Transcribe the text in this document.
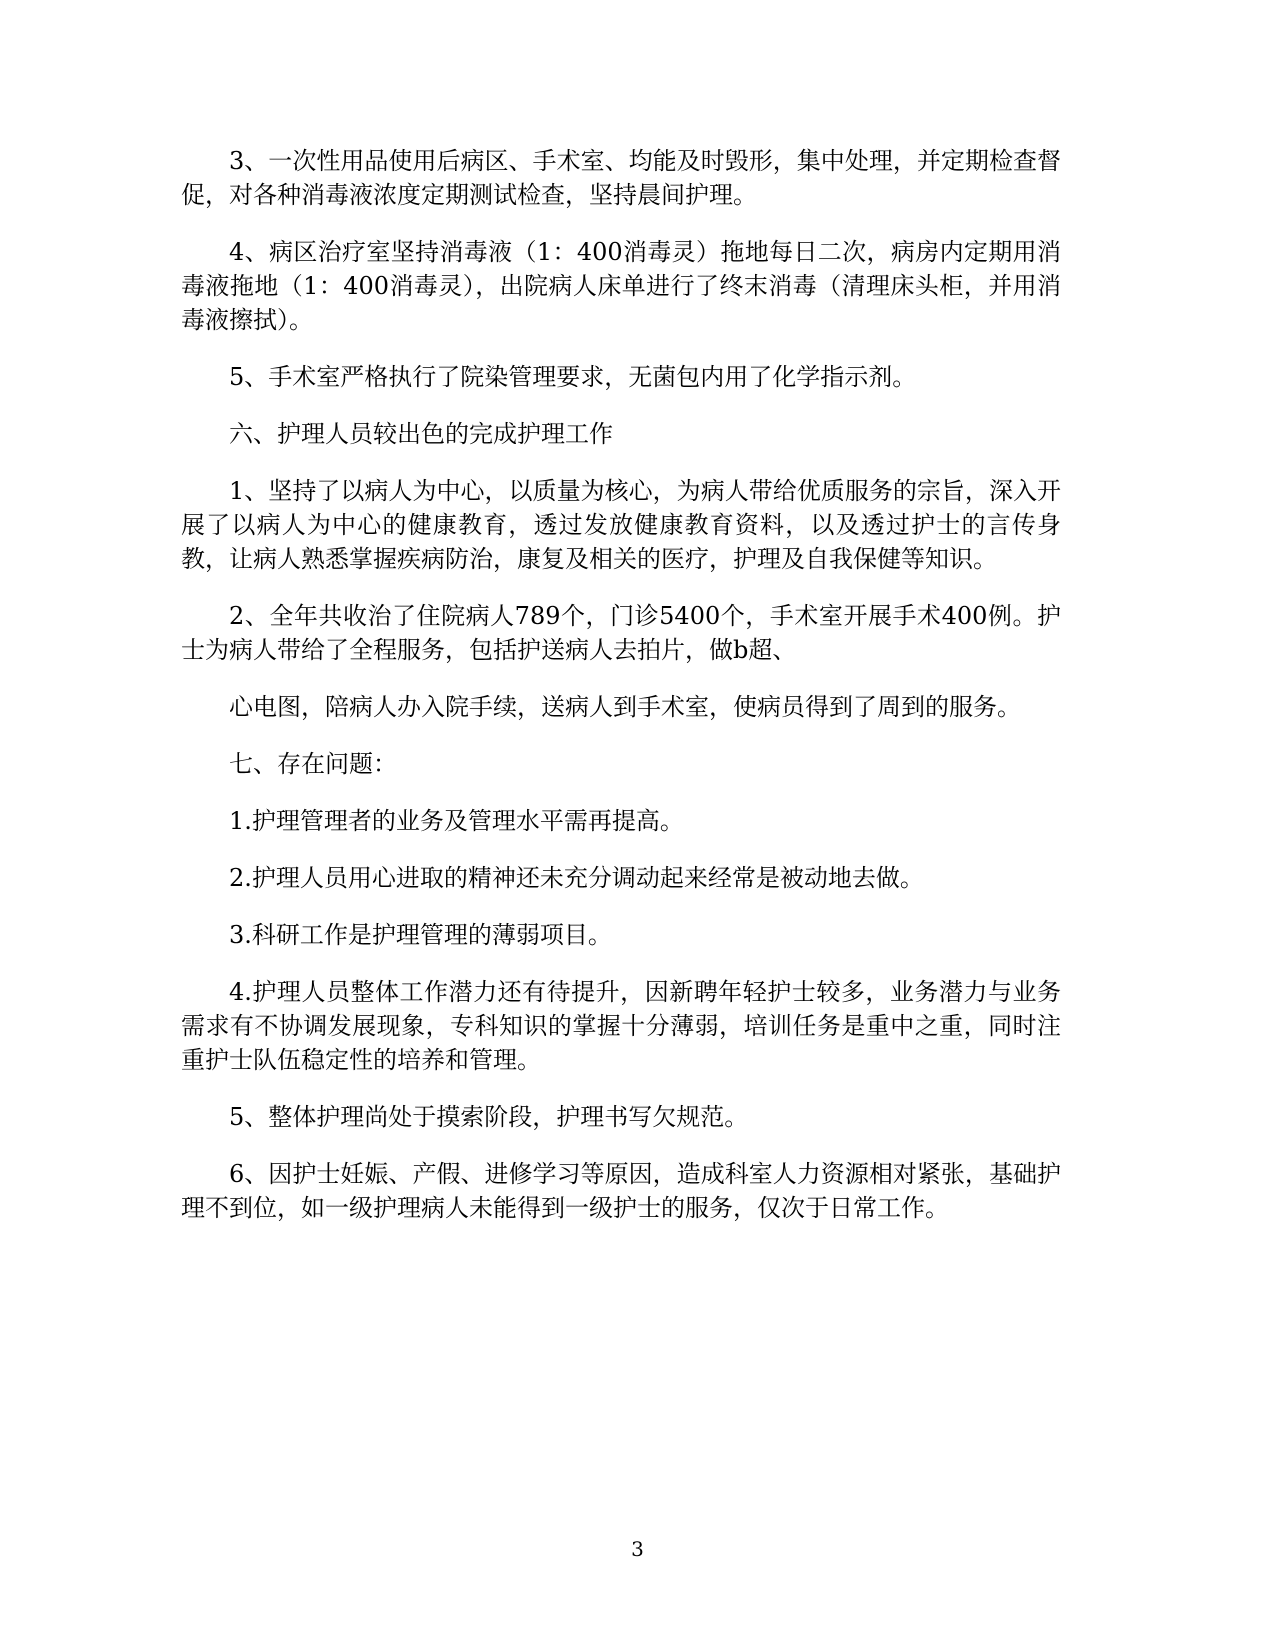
3、一次性用品使用后病区、手术室、均能及时毁形，集中处理，并定期检查督促，对各种消毒液浓度定期测试检查，坚持晨间护理。

4、病区治疗室坚持消毒液（1：400消毒灵）拖地每日二次，病房内定期用消毒液拖地（1：400消毒灵），出院病人床单进行了终末消毒（清理床头柜，并用消毒液擦拭）。

5、手术室严格执行了院染管理要求，无菌包内用了化学指示剂。

六、护理人员较出色的完成护理工作

1、坚持了以病人为中心，以质量为核心，为病人带给优质服务的宗旨，深入开展了以病人为中心的健康教育，透过发放健康教育资料，以及透过护士的言传身教，让病人熟悉掌握疾病防治，康复及相关的医疗，护理及自我保健等知识。

2、全年共收治了住院病人789个，门诊5400个，手术室开展手术400例。护士为病人带给了全程服务，包括护送病人去拍片，做b超、

心电图，陪病人办入院手续，送病人到手术室，使病员得到了周到的服务。

七、存在问题：

1.护理管理者的业务及管理水平需再提高。

2.护理人员用心进取的精神还未充分调动起来经常是被动地去做。

3.科研工作是护理管理的薄弱项目。

4.护理人员整体工作潜力还有待提升，因新聘年轻护士较多，业务潜力与业务需求有不协调发展现象，专科知识的掌握十分薄弱，培训任务是重中之重，同时注重护士队伍稳定性的培养和管理。

5、整体护理尚处于摸索阶段，护理书写欠规范。

6、因护士妊娠、产假、进修学习等原因，造成科室人力资源相对紧张，基础护理不到位，如一级护理病人未能得到一级护士的服务，仅次于日常工作。

3
